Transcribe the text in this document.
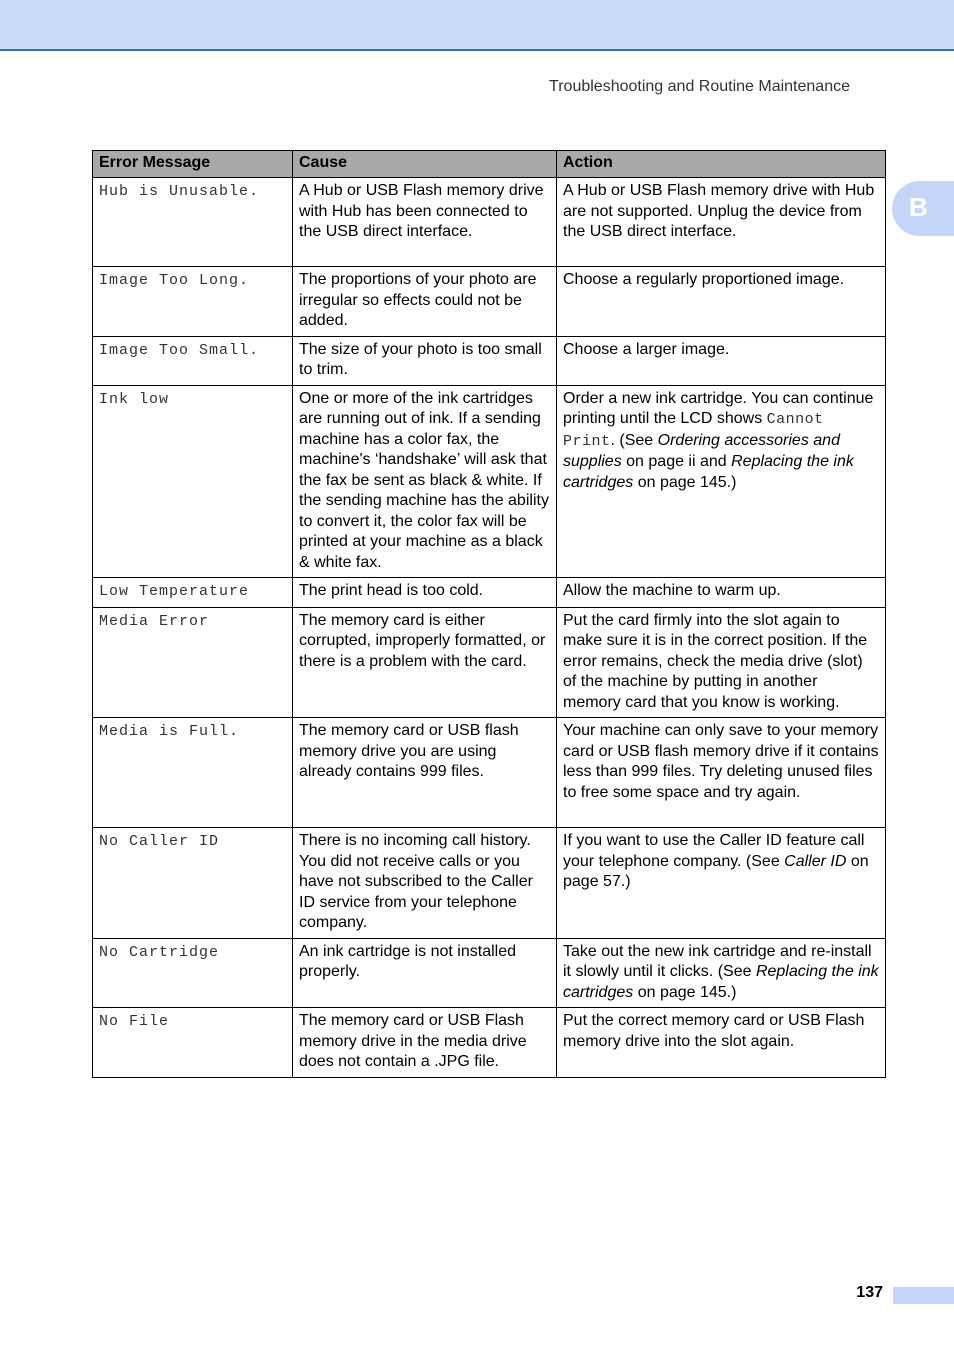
Troubleshooting and Routine Maintenance
B
Error Message	Cause	Action
Hub is Unusable.	A Hub or USB Flash memory drive with Hub has been connected to the USB direct interface.	A Hub or USB Flash memory drive with Hub are not supported. Unplug the device from the USB direct interface.
Image Too Long.	The proportions of your photo are irregular so effects could not be added.	Choose a regularly proportioned image.
Image Too Small.	The size of your photo is too small to trim.	Choose a larger image.
Ink low	One or more of the ink cartridges are running out of ink. If a sending machine has a color fax, the machine's ‘handshake’ will ask that the fax be sent as black & white. If the sending machine has the ability to convert it, the color fax will be printed at your machine as a black & white fax.	Order a new ink cartridge. You can continue printing until the LCD shows Cannot Print. (See Ordering accessories and supplies on page ii and Replacing the ink cartridges on page 145.)
Low Temperature	The print head is too cold.	Allow the machine to warm up.
Media Error	The memory card is either corrupted, improperly formatted, or there is a problem with the card.	Put the card firmly into the slot again to make sure it is in the correct position. If the error remains, check the media drive (slot) of the machine by putting in another memory card that you know is working.
Media is Full.	The memory card or USB flash memory drive you are using already contains 999 files.	Your machine can only save to your memory card or USB flash memory drive if it contains less than 999 files. Try deleting unused files to free some space and try again.
No Caller ID	There is no incoming call history. You did not receive calls or you have not subscribed to the Caller ID service from your telephone company.	If you want to use the Caller ID feature call your telephone company. (See Caller ID on page 57.)
No Cartridge	An ink cartridge is not installed properly.	Take out the new ink cartridge and re-install it slowly until it clicks. (See Replacing the ink cartridges on page 145.)
No File	The memory card or USB Flash memory drive in the media drive does not contain a .JPG file.	Put the correct memory card or USB Flash memory drive into the slot again.
137
